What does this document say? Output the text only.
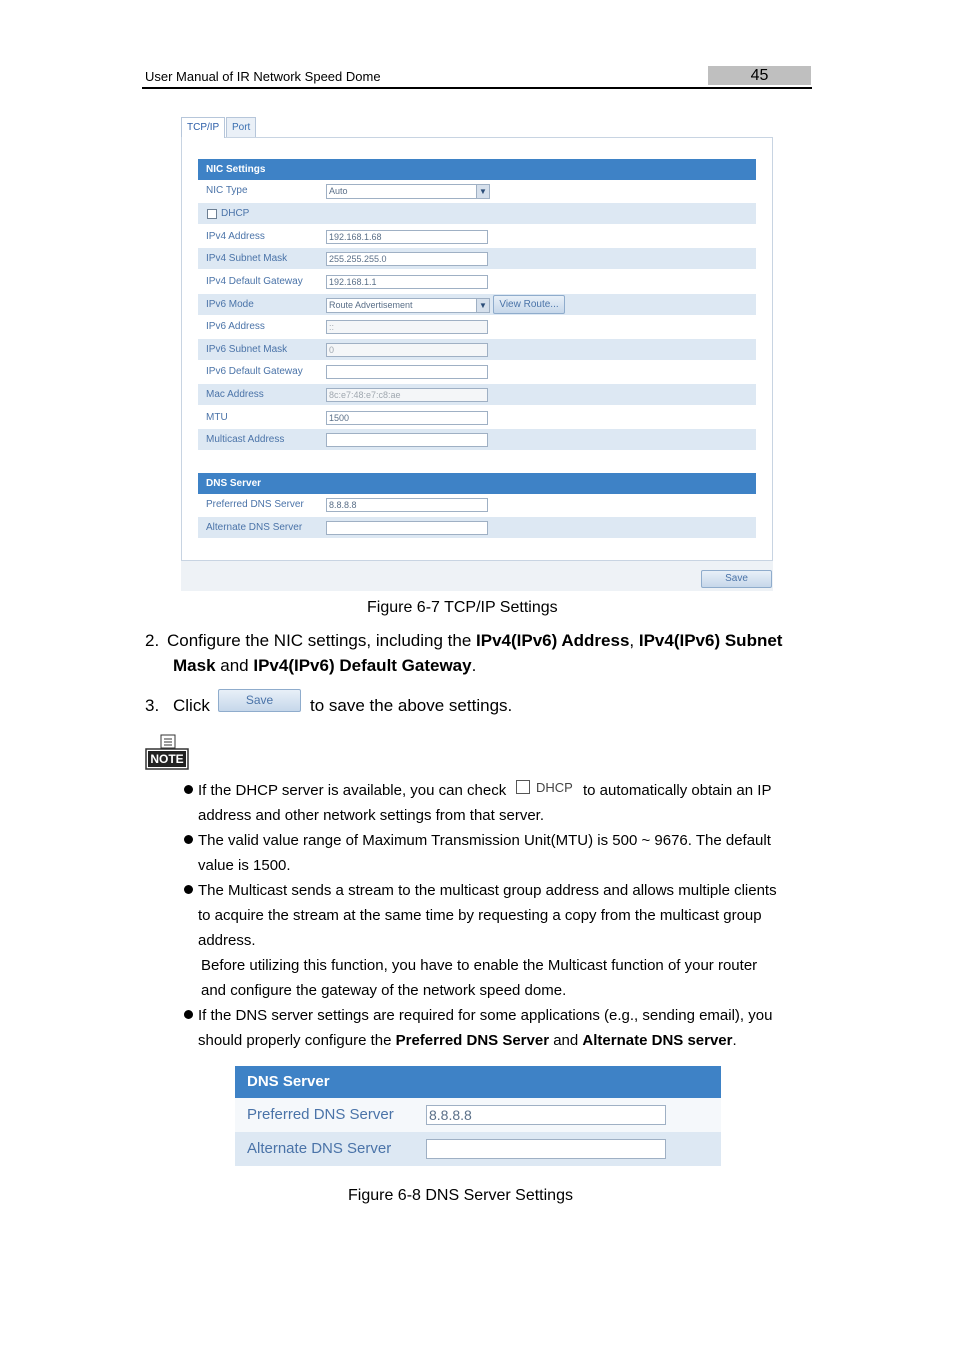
User Manual of IR Network Speed Dome	45
TCP/IP	Port
NIC Settings
NIC Type	Auto	▼
DHCP
IPv4 Address	192.168.1.68
IPv4 Subnet Mask	255.255.255.0
IPv4 Default Gateway	192.168.1.1
IPv6 Mode	Route Advertisement	▼	View Route...
IPv6 Address	::
IPv6 Subnet Mask	0
IPv6 Default Gateway
Mac Address	8c:e7:48:e7:c8:ae
MTU	1500
Multicast Address
DNS Server
Preferred DNS Server	8.8.8.8
Alternate DNS Server
Save
Figure 6-7 TCP/IP Settings
2. Configure the NIC settings, including the IPv4(IPv6) Address, IPv4(IPv6) Subnet
Mask and IPv4(IPv6) Default Gateway.
3. Click	Save	to save the above settings.
NOTE
If the DHCP server is available, you can check DHCP to automatically obtain an IP
address and other network settings from that server.
The valid value range of Maximum Transmission Unit(MTU) is 500 ~ 9676. The default
value is 1500.
The Multicast sends a stream to the multicast group address and allows multiple clients
to acquire the stream at the same time by requesting a copy from the multicast group
address.
Before utilizing this function, you have to enable the Multicast function of your router
and configure the gateway of the network speed dome.
If the DNS server settings are required for some applications (e.g., sending email), you
should properly configure the Preferred DNS Server and Alternate DNS server.
DNS Server
Preferred DNS Server	8.8.8.8
Alternate DNS Server
Figure 6-8 DNS Server Settings
